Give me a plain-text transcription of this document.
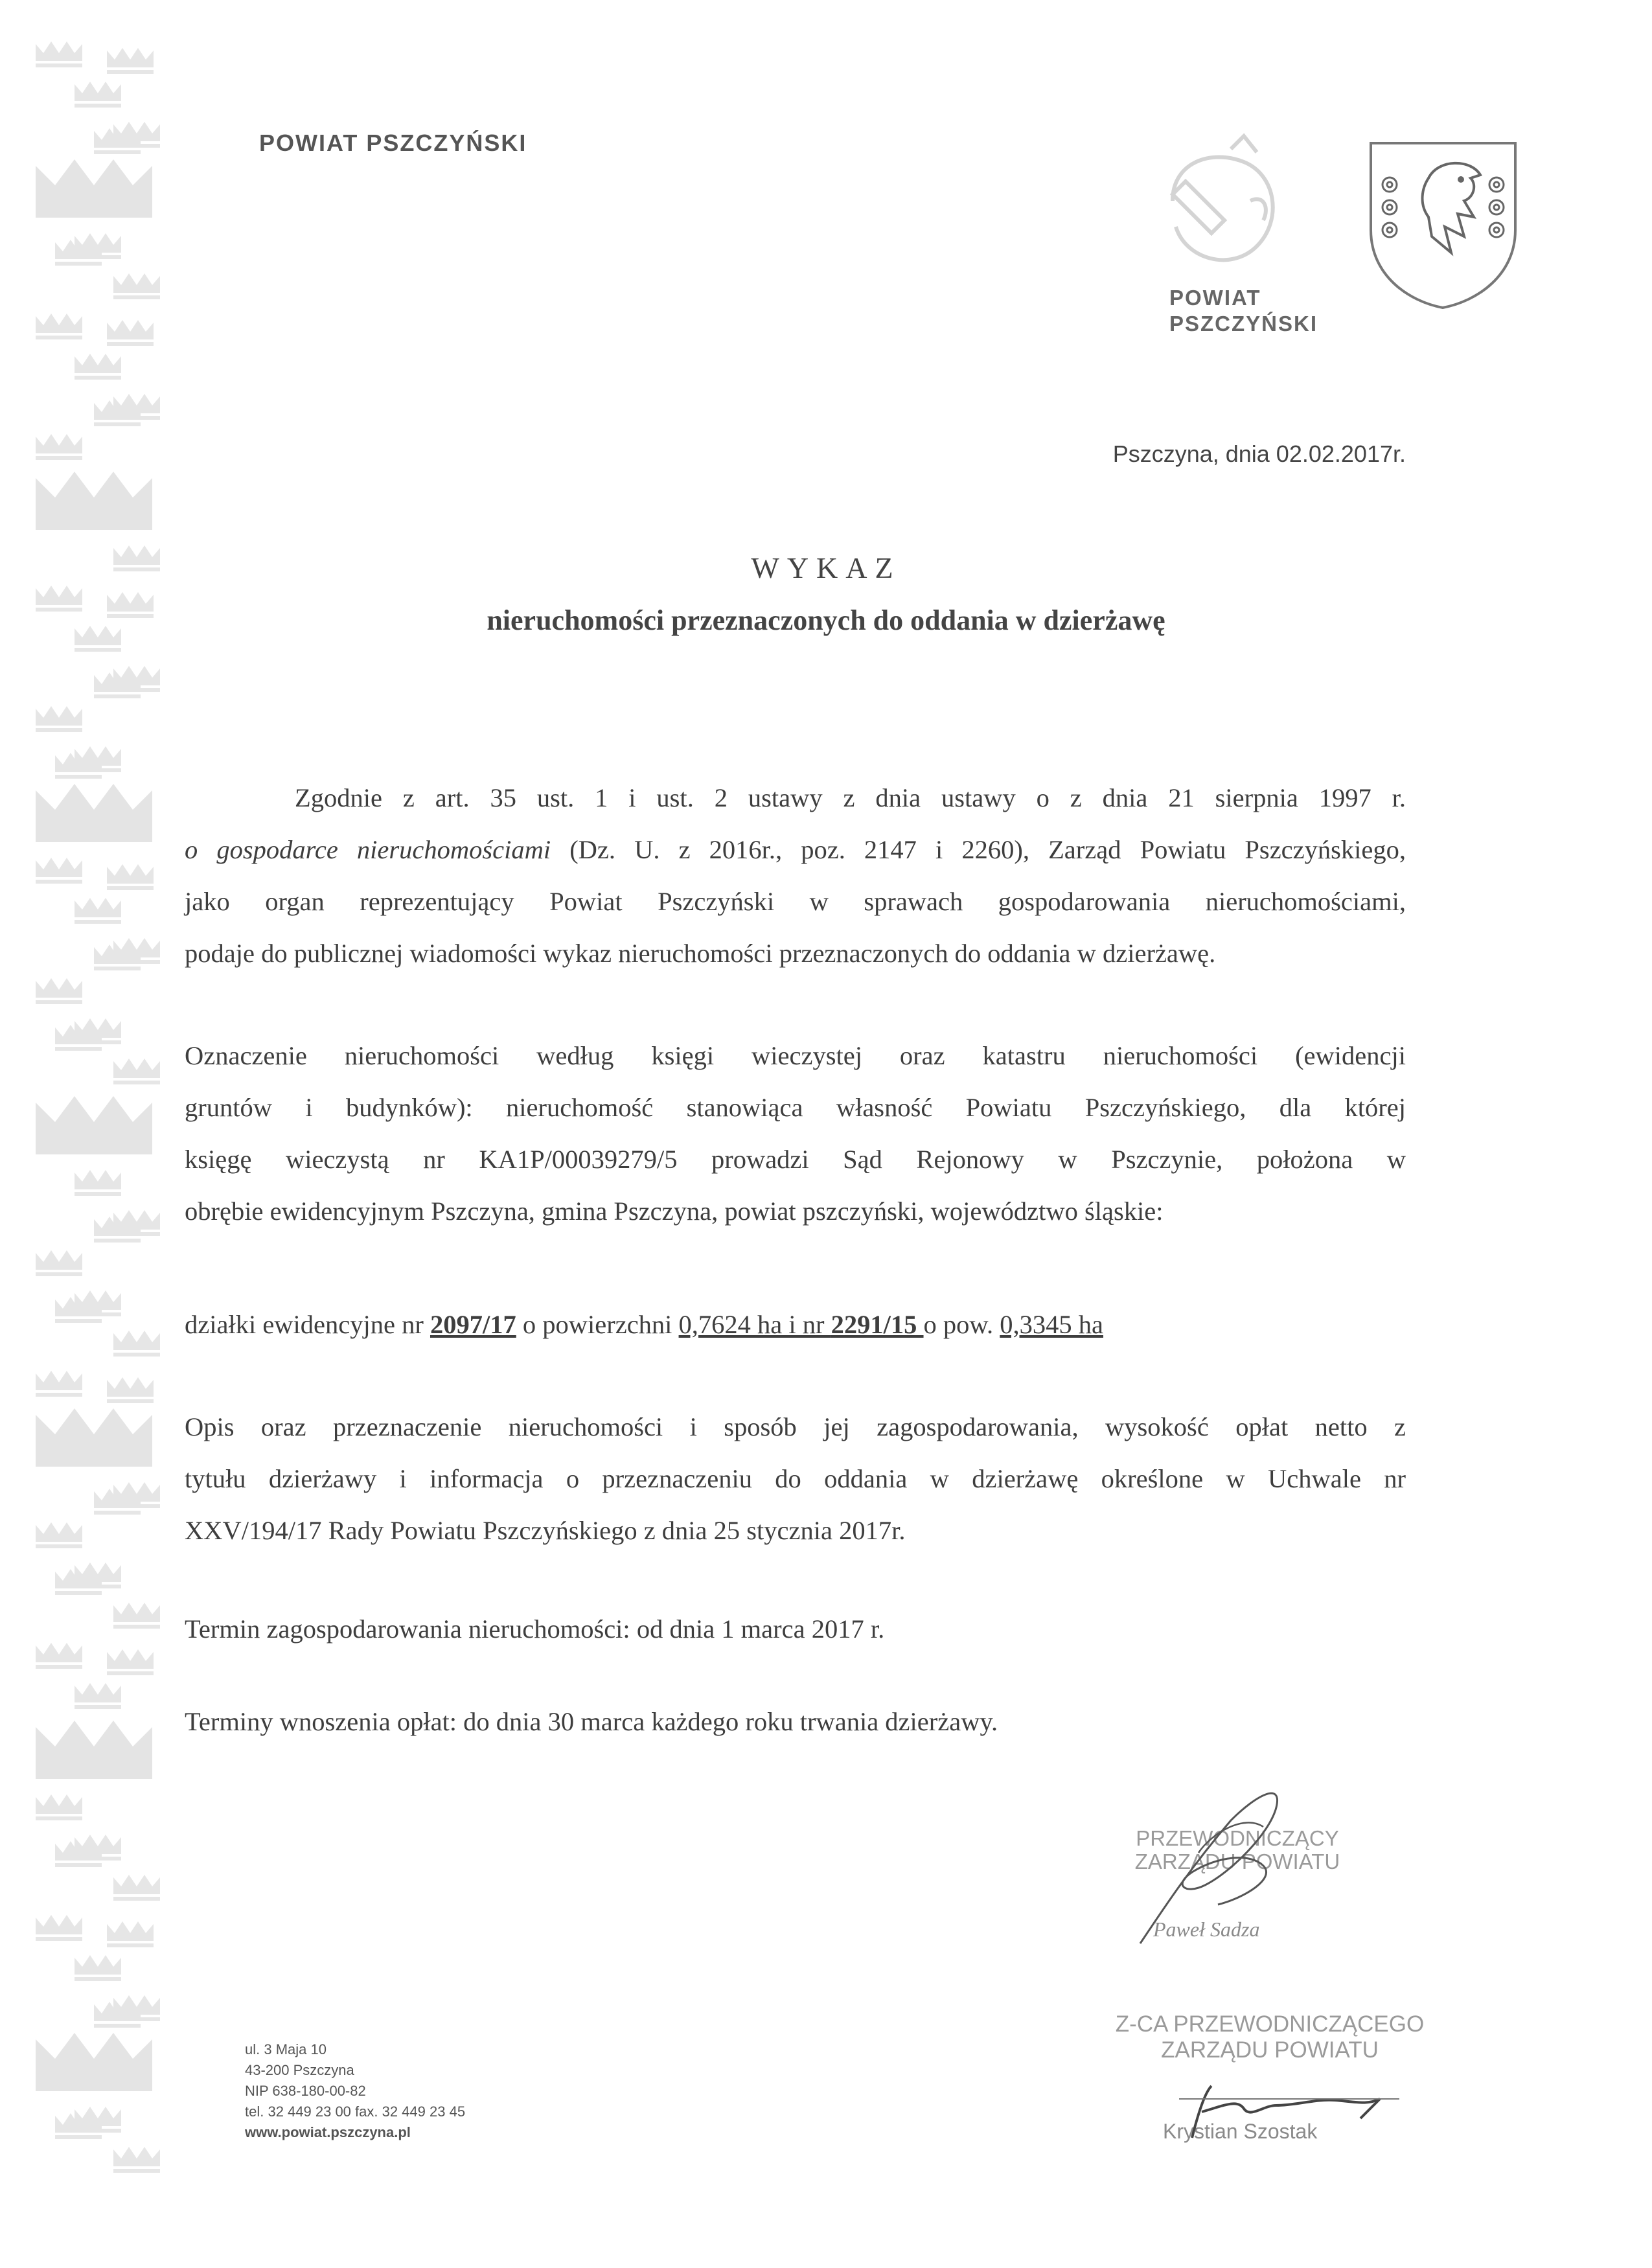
POWIAT PSZCZYŃSKI
POWIAT
PSZCZYŃSKI
Pszczyna, dnia 02.02.2017r.
WYKAZ
nieruchomości przeznaczonych do oddania w dzierżawę
Zgodnie z art. 35 ust. 1 i ust. 2 ustawy z dnia ustawy o z dnia 21 sierpnia 1997 r.
o gospodarce nieruchomościami (Dz. U. z 2016r., poz. 2147 i 2260), Zarząd Powiatu Pszczyńskiego,
jako organ reprezentujący Powiat Pszczyński w sprawach gospodarowania nieruchomościami,
podaje do publicznej wiadomości wykaz nieruchomości przeznaczonych do oddania w dzierżawę.
Oznaczenie nieruchomości według księgi wieczystej oraz katastru nieruchomości (ewidencji
gruntów i budynków): nieruchomość stanowiąca własność Powiatu Pszczyńskiego, dla której
księgę wieczystą nr KA1P/00039279/5 prowadzi Sąd Rejonowy w Pszczynie, położona w
obrębie ewidencyjnym Pszczyna, gmina Pszczyna, powiat pszczyński, województwo śląskie:
działki ewidencyjne nr 2097/17 o powierzchni 0,7624 ha i nr 2291/15 o pow. 0,3345 ha
Opis oraz przeznaczenie nieruchomości i sposób jej zagospodarowania, wysokość opłat netto z
tytułu dzierżawy i informacja o przeznaczeniu do oddania w dzierżawę określone w Uchwale nr
XXV/194/17 Rady Powiatu Pszczyńskiego z dnia 25 stycznia 2017r.
Termin zagospodarowania nieruchomości: od dnia 1 marca 2017 r.
Terminy wnoszenia opłat: do dnia 30 marca każdego roku trwania dzierżawy.
PRZEWODNICZĄCY
ZARZĄDU POWIATU
Paweł Sadza
Z-CA PRZEWODNICZĄCEGO
ZARZĄDU POWIATU
Krystian Szostak
ul. 3 Maja 10
43-200 Pszczyna
NIP 638-180-00-82
tel. 32 449 23 00 fax. 32 449 23 45
www.powiat.pszczyna.pl
